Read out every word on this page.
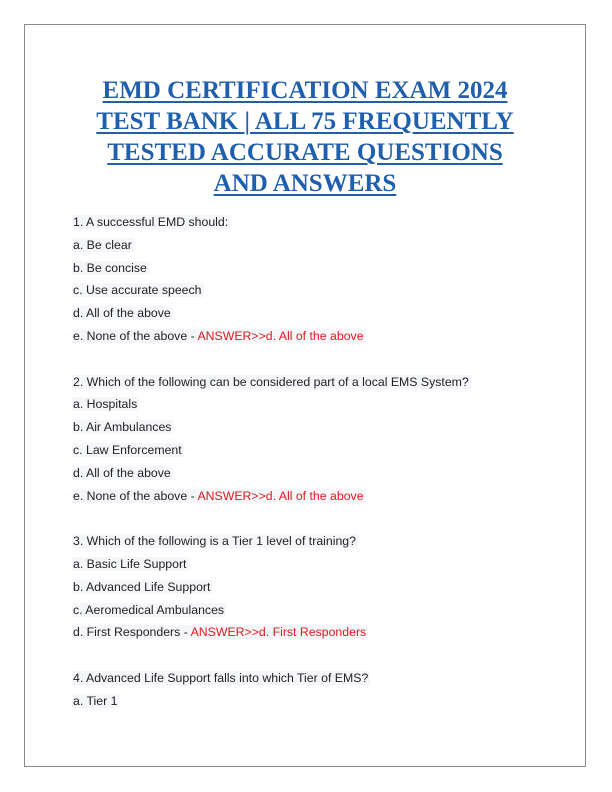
EMD CERTIFICATION EXAM 2024
TEST BANK | ALL 75 FREQUENTLY
TESTED ACCURATE QUESTIONS
AND ANSWERS
1. A successful EMD should:
a. Be clear
b. Be concise
c. Use accurate speech
d. All of the above
e. None of the above - ANSWER>>d. All of the above
2. Which of the following can be considered part of a local EMS System?
a. Hospitals
b. Air Ambulances
c. Law Enforcement
d. All of the above
e. None of the above - ANSWER>>d. All of the above
3. Which of the following is a Tier 1 level of training?
a. Basic Life Support
b. Advanced Life Support
c. Aeromedical Ambulances
d. First Responders - ANSWER>>d. First Responders
4. Advanced Life Support falls into which Tier of EMS?
a. Tier 1
